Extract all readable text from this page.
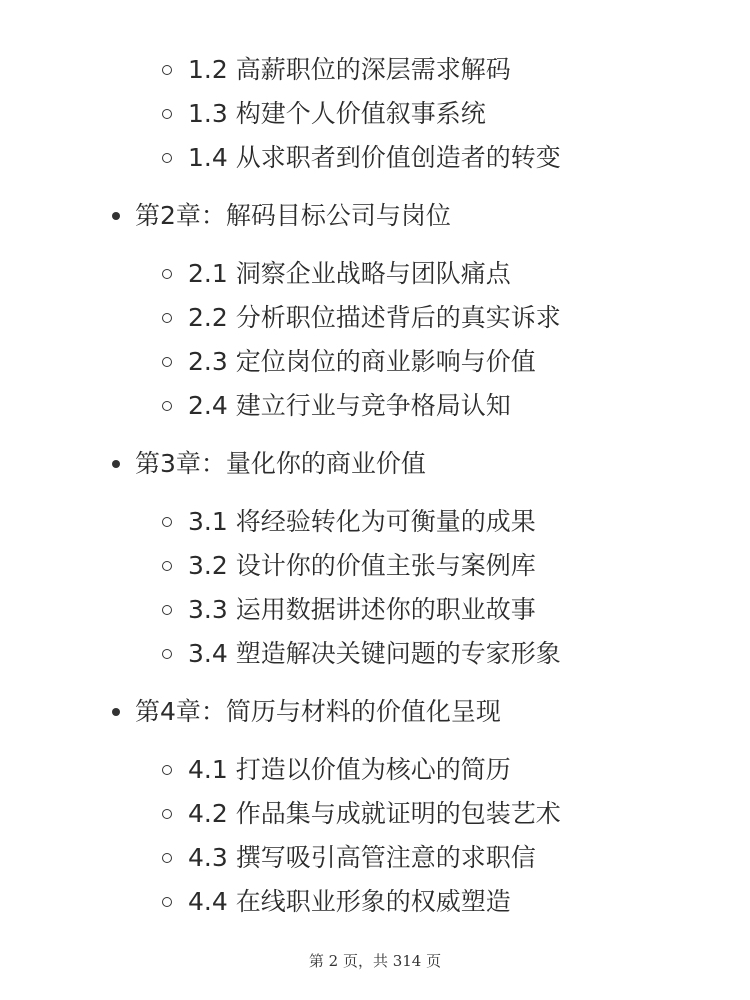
1.2 高薪职位的深层需求解码
1.3 构建个人价值叙事系统
1.4 从求职者到价值创造者的转变
第2章：解码目标公司与岗位
2.1 洞察企业战略与团队痛点
2.2 分析职位描述背后的真实诉求
2.3 定位岗位的商业影响与价值
2.4 建立行业与竞争格局认知
第3章：量化你的商业价值
3.1 将经验转化为可衡量的成果
3.2 设计你的价值主张与案例库
3.3 运用数据讲述你的职业故事
3.4 塑造解决关键问题的专家形象
第4章：简历与材料的价值化呈现
4.1 打造以价值为核心的简历
4.2 作品集与成就证明的包装艺术
4.3 撰写吸引高管注意的求职信
4.4 在线职业形象的权威塑造
第 2 页，共 314 页
